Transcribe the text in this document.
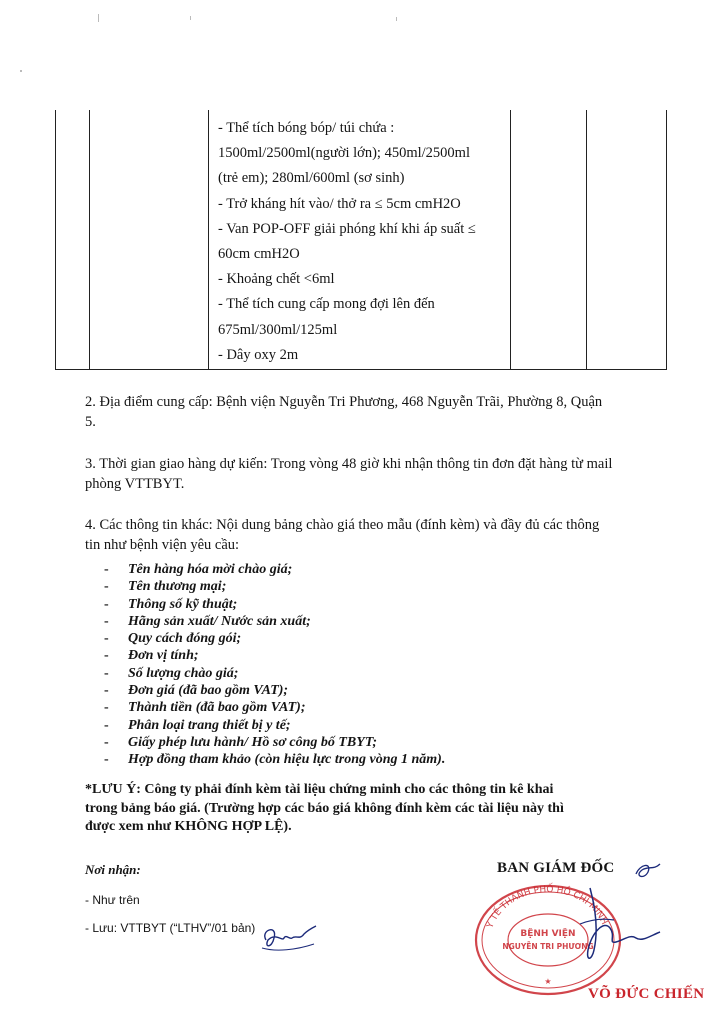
- Thể tích bóng bóp/ túi chứa :
1500ml/2500ml(người lớn); 450ml/2500ml
(trẻ em); 280ml/600ml (sơ sinh)
- Trở kháng hít vào/ thở ra ≤ 5cm cmH2O
- Van POP-OFF giải phóng khí khi áp suất ≤
60cm cmH2O
- Khoảng chết <6ml
- Thể tích cung cấp mong đợi lên đến
675ml/300ml/125ml
- Dây oxy 2m
2. Địa điểm cung cấp: Bệnh viện Nguyễn Tri Phương, 468 Nguyễn Trãi, Phường 8, Quận
5.
3. Thời gian giao hàng dự kiến: Trong vòng 48 giờ khi nhận thông tin đơn đặt hàng từ mail
phòng VTTBYT.
4. Các thông tin khác: Nội dung bảng chào giá theo mẫu (đính kèm) và đầy đủ các thông
tin như bệnh viện yêu cầu:
- Tên hàng hóa mời chào giá;
- Tên thương mại;
- Thông số kỹ thuật;
- Hãng sản xuất/ Nước sản xuất;
- Quy cách đóng gói;
- Đơn vị tính;
- Số lượng chào giá;
- Đơn giá (đã bao gồm VAT);
- Thành tiền (đã bao gồm VAT);
- Phân loại trang thiết bị y tế;
- Giấy phép lưu hành/ Hồ sơ công bố TBYT;
- Hợp đồng tham khảo (còn hiệu lực trong vòng 1 năm).
*LƯU Ý: Công ty phải đính kèm tài liệu chứng minh cho các thông tin kê khai
trong bảng báo giá. (Trường hợp các báo giá không đính kèm các tài liệu này thì
được xem như KHÔNG HỢP LỆ).
Nơi nhận:
- Như trên
- Lưu: VTTBYT (“LTHV”/01 bản)
BAN GIÁM ĐỐC
Y TẾ THÀNH PHỐ HỒ CHÍ MINH
BỆNH VIỆN
NGUYỄN TRI PHƯƠNG
★
VÕ ĐỨC CHIẾN
